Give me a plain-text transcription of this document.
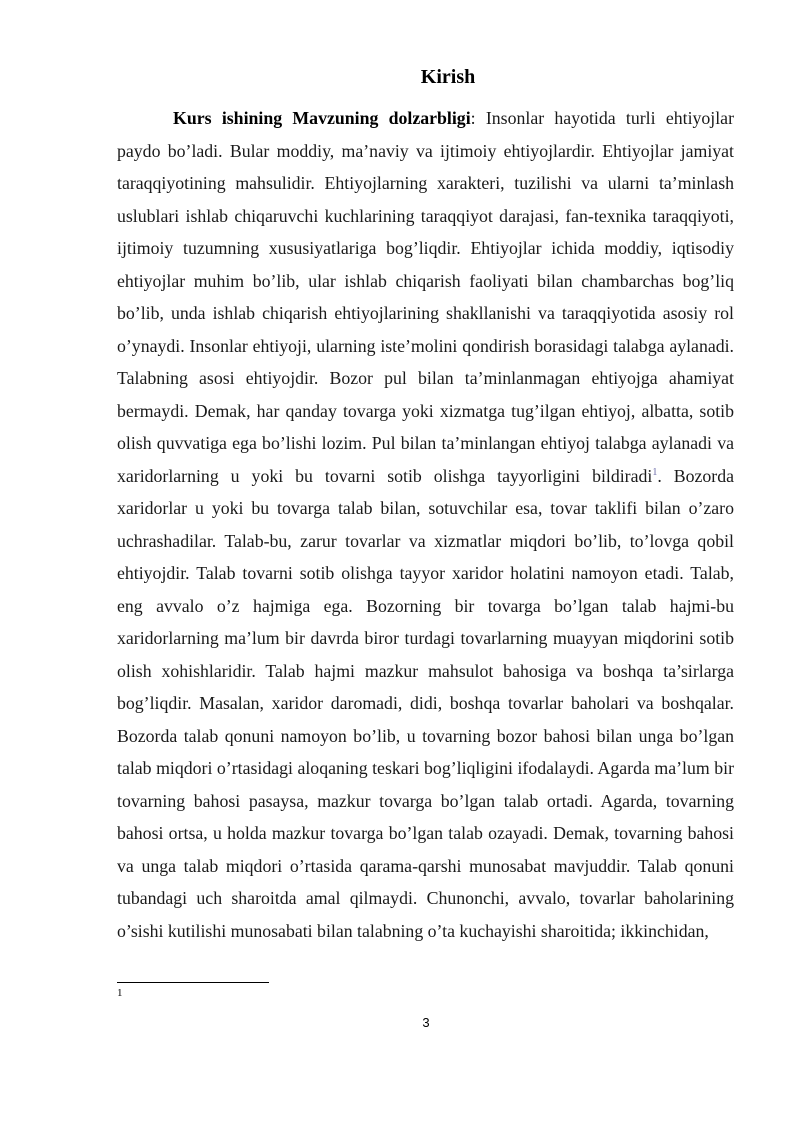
Kirish

Kurs ishining Mavzuning dolzarbligi: Insonlar hayotida turli ehtiyojlar paydo bo’ladi. Bular moddiy, ma’naviy va ijtimoiy ehtiyojlardir. Ehtiyojlar jamiyat taraqqiyotining mahsulidir. Ehtiyojlarning xarakteri, tuzilishi va ularni ta’minlash uslublari ishlab chiqaruvchi kuchlarining taraqqiyot darajasi, fan-texnika taraqqiyoti, ijtimoiy tuzumning xususiyatlariga bog’liqdir. Ehtiyojlar ichida moddiy, iqtisodiy ehtiyojlar muhim bo’lib, ular ishlab chiqarish faoliyati bilan chambarchas bog’liq bo’lib, unda ishlab chiqarish ehtiyojlarining shakllanishi va taraqqiyotida asosiy rol o’ynaydi. Insonlar ehtiyoji, ularning iste’molini qondirish borasidagi talabga aylanadi. Talabning asosi ehtiyojdir. Bozor pul bilan ta’minlanmagan ehtiyojga ahamiyat bermaydi. Demak, har qanday tovarga yoki xizmatga tug’ilgan ehtiyoj, albatta, sotib olish quvvatiga ega bo’lishi lozim. Pul bilan ta’minlangan ehtiyoj talabga aylanadi va xaridorlarning u yoki bu tovarni sotib olishga tayyorligini bildiradi$^1$. Bozorda xaridorlar u yoki bu tovarga talab bilan, sotuvchilar esa, tovar taklifi bilan o’zaro uchrashadilar. Talab-bu, zarur tovarlar va xizmatlar miqdori bo’lib, to’lovga qobil ehtiyojdir. Talab tovarni sotib olishga tayyor xaridor holatini namoyon etadi. Talab, eng avvalo o’z hajmiga ega. Bozorning bir tovarga bo’lgan talab hajmi-bu xaridorlarning ma’lum bir davrda biror turdagi tovarlarning muayyan miqdorini sotib olish xohishlaridir. Talab hajmi mazkur mahsulot bahosiga va boshqa ta’sirlarga bog’liqdir. Masalan, xaridor daromadi, didi, boshqa tovarlar baholari va boshqalar. Bozorda talab qonuni namoyon bo’lib, u tovarning bozor bahosi bilan unga bo’lgan talab miqdori o’rtasidagi aloqaning teskari bog’liqligini ifodalaydi. Agarda ma’lum bir tovarning bahosi pasaysa, mazkur tovarga bo’lgan talab ortadi. Agarda, tovarning bahosi ortsa, u holda mazkur tovarga bo’lgan talab ozayadi. Demak, tovarning bahosi va unga talab miqdori o’rtasida qarama-qarshi munosabat mavjuddir. Talab qonuni tubandagi uch sharoitda amal qilmaydi. Chunonchi, avvalo, tovarlar baholarining o’sishi kutilishi munosabati bilan talabning o’ta kuchayishi sharoitida; ikkinchidan,

1
3
